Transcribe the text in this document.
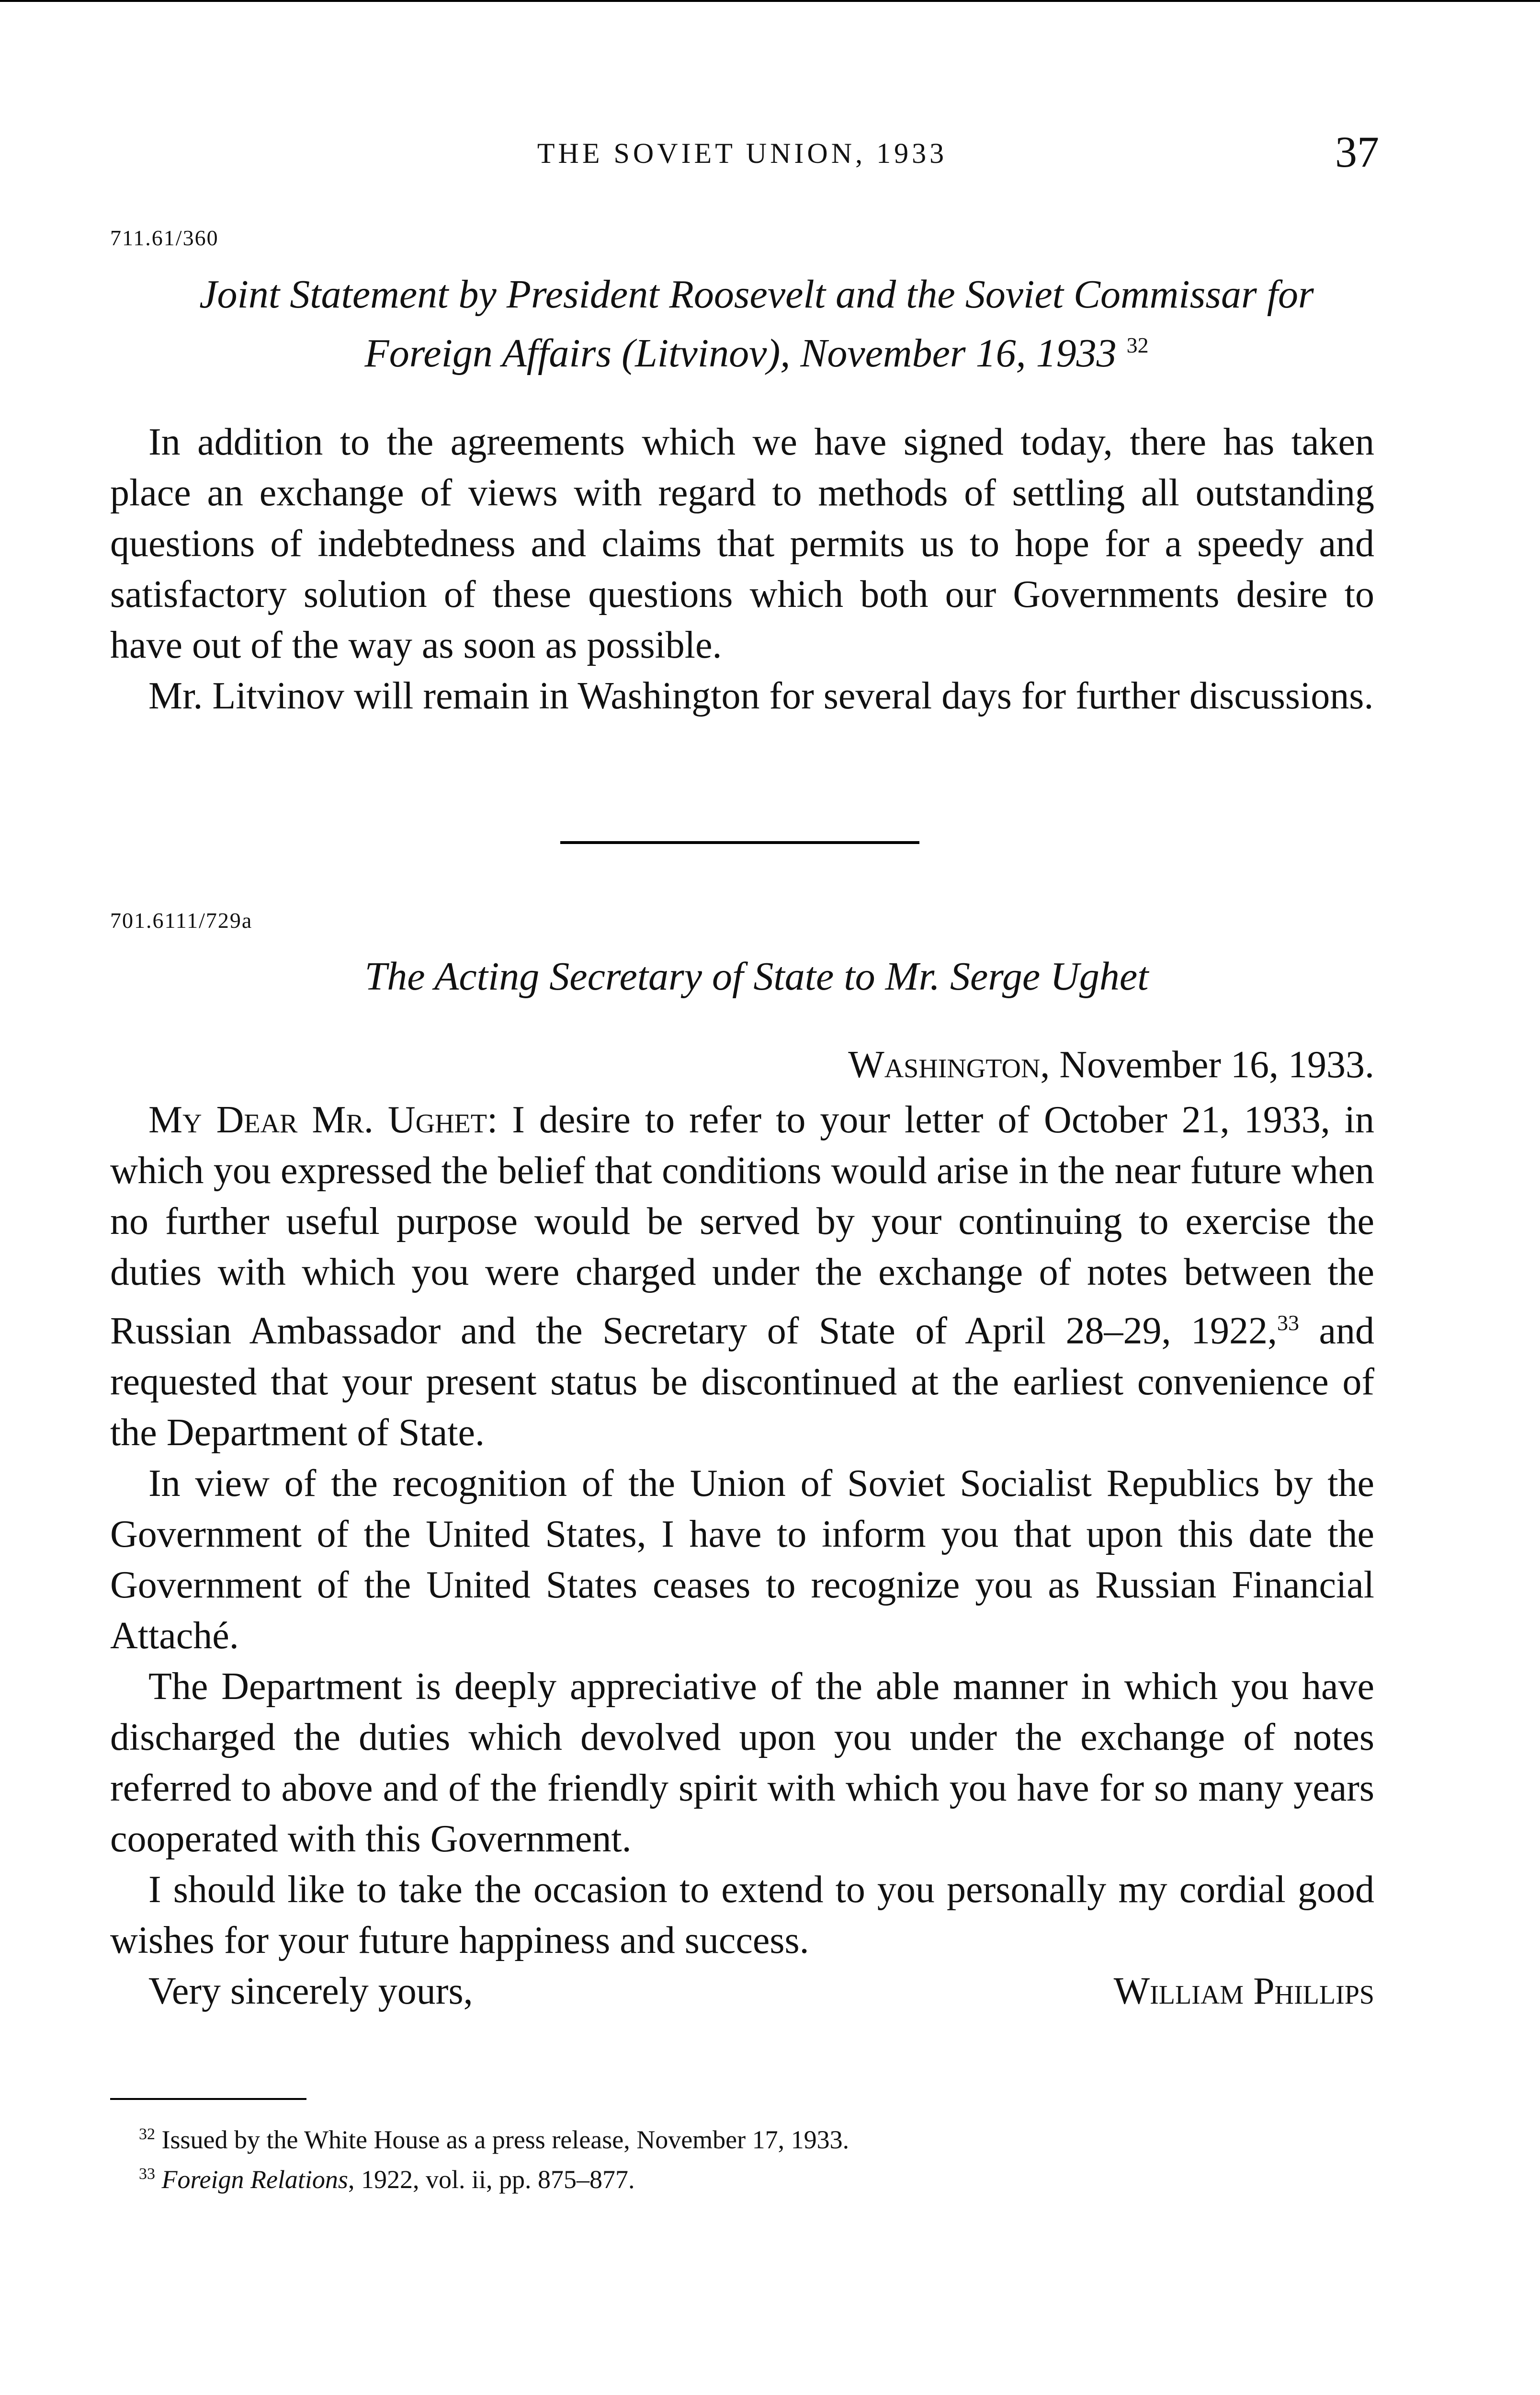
THE SOVIET UNION, 1933	37
711.61/360
Joint Statement by President Roosevelt and the Soviet Commissar for
Foreign Affairs (Litvinov), November 16, 1933 $^{32}$

In addition to the agreements which we have signed today, there has taken place an exchange of views with regard to methods of settling all outstanding questions of indebtedness and claims that permits us to hope for a speedy and satisfactory solution of these questions which both our Governments desire to have out of the way as soon as possible.

Mr. Litvinov will remain in Washington for several days for further discussions.

701.6111/729a
The Acting Secretary of State to Mr. Serge Ughet
Washington, November 16, 1933.

My Dear Mr. Ughet: I desire to refer to your letter of October 21, 1933, in which you expressed the belief that conditions would arise in the near future when no further useful purpose would be served by your continuing to exercise the duties with which you were charged under the exchange of notes between the Russian Ambassador and the Secretary of State of April 28–29, 1922,33 and requested that your present status be discontinued at the earliest convenience of the Department of State.

In view of the recognition of the Union of Soviet Socialist Republics by the Government of the United States, I have to inform you that upon this date the Government of the United States ceases to recognize you as Russian Financial Attaché.

The Department is deeply appreciative of the able manner in which you have discharged the duties which devolved upon you under the exchange of notes referred to above and of the friendly spirit with which you have for so many years cooperated with this Government.

I should like to take the occasion to extend to you personally my cordial good wishes for your future happiness and success.

Very sincerely yours,	William Phillips
$^{32}$ Issued by the White House as a press release, November 17, 1933.
$^{33}$ Foreign Relations, 1922, vol. ii, pp. 875–877.
